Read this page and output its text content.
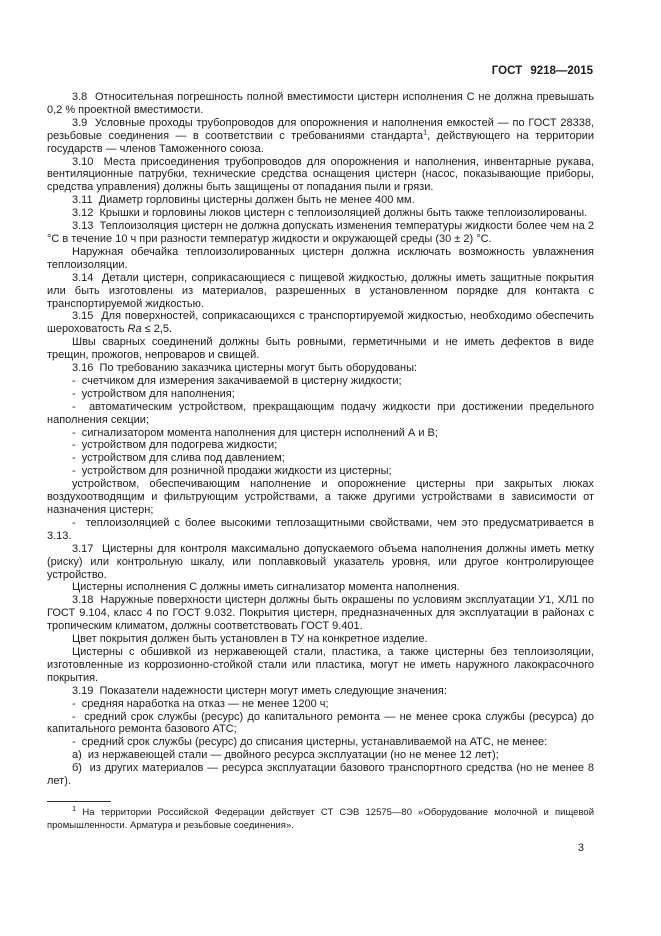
ГОСТ 9218—2015

3.8  Относительная погрешность полной вместимости цистерн исполнения С не должна превышать 0,2 % проектной вместимости.

3.9  Условные проходы трубопроводов для опорожнения и наполнения емкостей — по ГОСТ 28338, резьбовые соединения — в соответствии с требованиями стандарта$^1$, действующего на территории государств — членов Таможенного союза.

3.10  Места присоединения трубопроводов для опорожнения и наполнения, инвентарные рукава, вентиляционные патрубки, технические средства оснащения цистерн (насос, показывающие приборы, средства управления) должны быть защищены от попадания пыли и грязи.

3.11  Диаметр горловины цистерны должен быть не менее 400 мм.

3.12  Крышки и горловины люков цистерн с теплоизоляцией должны быть также теплоизолированы.

3.13  Теплоизоляция цистерн не должна допускать изменения температуры жидкости более чем на 2 °С в течение 10 ч при разности температур жидкости и окружающей среды (30 ± 2) °С.

Наружная обечайка теплоизолированных цистерн должна исключать возможность увлажнения теплоизоляции.

3.14  Детали цистерн, соприкасающиеся с пищевой жидкостью, должны иметь защитные покрытия или быть изготовлены из материалов, разрешенных в установленном порядке для контакта с транспортируемой жидкостью.

3.15  Для поверхностей, соприкасающихся с транспортируемой жидкостью, необходимо обеспечить шероховатость Ra ≤ 2,5.

Швы сварных соединений должны быть ровными, герметичными и не иметь дефектов в виде трещин, прожогов, непроваров и свищей.

3.16  По требованию заказчика цистерны могут быть оборудованы:

-  счетчиком для измерения закачиваемой в цистерну жидкости;

-  устройством для наполнения;

-  автоматическим устройством, прекращающим подачу жидкости при достижении предельного наполнения секции;

-  сигнализатором момента наполнения для цистерн исполнений А и В;

-  устройством для подогрева жидкости;

-  устройством для слива под давлением;

-  устройством для розничной продажи жидкости из цистерны;

устройством, обеспечивающим наполнение и опорожнение цистерны при закрытых люках воздухоотводящим и фильтрующим устройствами, а также другими устройствами в зависимости от назначения цистерн;

-  теплоизоляцией с более высокими теплозащитными свойствами, чем это предусматривается в 3.13.

3.17  Цистерны для контроля максимально допускаемого объема наполнения должны иметь метку (риску) или контрольную шкалу, или поплавковый указатель уровня, или другое контролирующее устройство.

Цистерны исполнения С должны иметь сигнализатор момента наполнения.

3.18  Наружные поверхности цистерн должны быть окрашены по условиям эксплуатации У1, ХЛ1 по ГОСТ 9.104, класс 4 по ГОСТ 9.032. Покрытия цистерн, предназначенных для эксплуатации в районах с тропическим климатом, должны соответствовать ГОСТ 9.401.

Цвет покрытия должен быть установлен в ТУ на конкретное изделие.

Цистерны с обшивкой из нержавеющей стали, пластика, а также цистерны без теплоизоляции, изготовленные из коррозионно-стойкой стали или пластика, могут не иметь наружного лакокрасочного покрытия.

3.19  Показатели надежности цистерн могут иметь следующие значения:

-  средняя наработка на отказ — не менее 1200 ч;

-  средний срок службы (ресурс) до капитального ремонта — не менее срока службы (ресурса) до капитального ремонта базового АТС;

-  средний срок службы (ресурс) до списания цистерны, устанавливаемой на АТС, не менее:

а)  из нержавеющей стали — двойного ресурса эксплуатации (но не менее 12 лет);

б)  из других материалов — ресурса эксплуатации базового транспортного средства (но не менее 8 лет).

$^1$ На территории Российской Федерации действует СТ СЭВ 12575—80 «Оборудование молочной и пищевой промышленности. Арматура и резьбовые соединения».

3
